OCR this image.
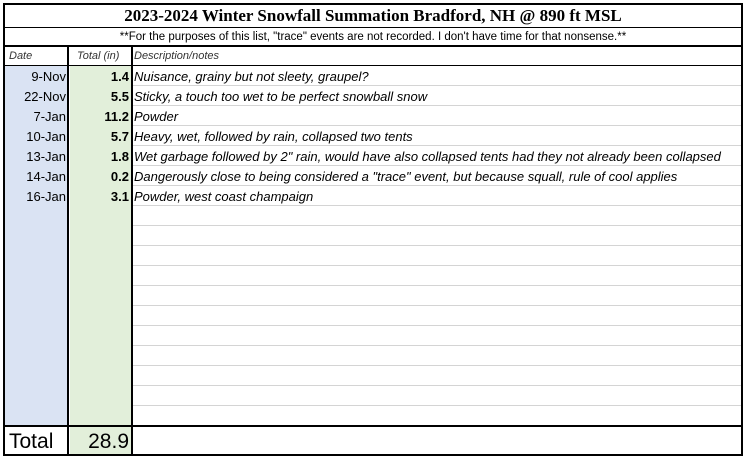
2023-2024 Winter Snowfall Summation Bradford, NH @ 890 ft MSL
**For the purposes of this list, "trace" events are not recorded. I don't have time for that nonsense.**
Date	Total (in)	Description/notes
9-Nov	1.4 Nuisance, grainy but not sleety, graupel?
22-Nov	5.5 Sticky, a touch too wet to be perfect snowball snow
7-Jan	11.2 Powder
10-Jan	5.7 Heavy, wet, followed by rain, collapsed two tents
13-Jan	1.8 Wet garbage followed by 2" rain, would have also collapsed tents had they not already been collapsed
14-Jan	0.2 Dangerously close to being considered a "trace" event, but because squall, rule of cool applies
16-Jan	3.1 Powder, west coast champaign
Total	28.9
